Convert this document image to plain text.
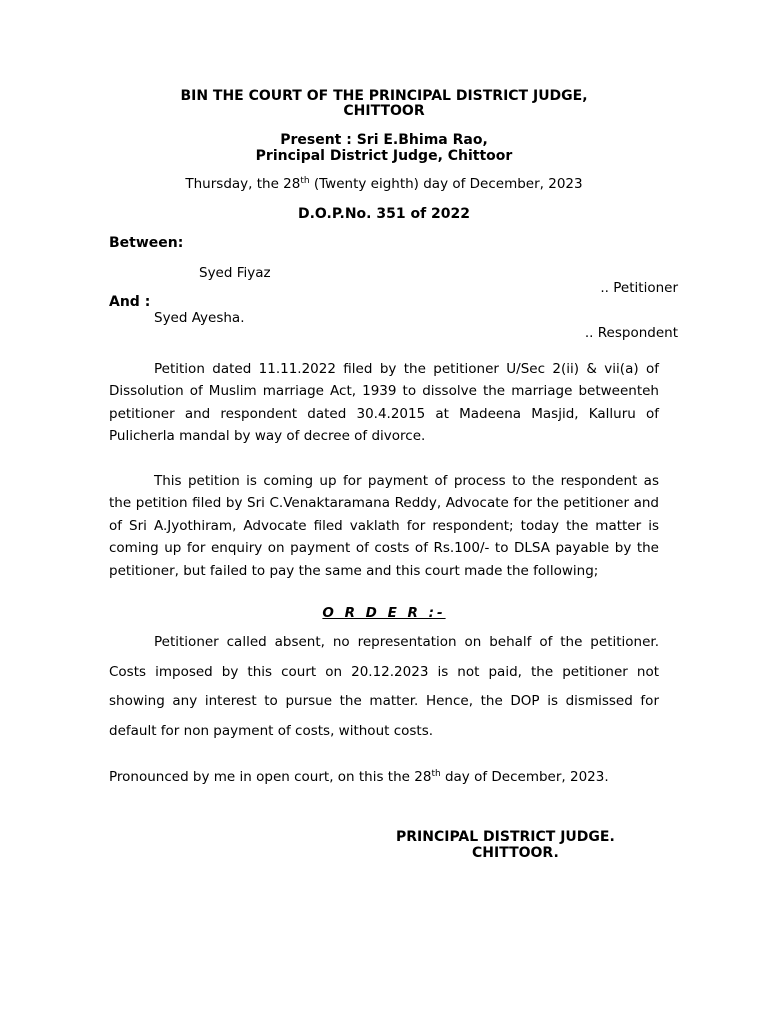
BIN THE COURT OF THE PRINCIPAL DISTRICT JUDGE,
CHITTOOR
Present : Sri E.Bhima Rao,
Principal District Judge, Chittoor
Thursday, the 28th (Twenty eighth) day of December, 2023
D.O.P.No. 351 of 2022
Between:
Syed Fiyaz
.. Petitioner
And :
Syed Ayesha.
.. Respondent
Petition dated 11.11.2022 filed by the petitioner U/Sec 2(ii) & vii(a) of Dissolution of Muslim marriage Act, 1939 to dissolve the marriage betweenteh petitioner and respondent dated 30.4.2015 at Madeena Masjid, Kalluru of Pulicherla mandal by way of decree of divorce.
This petition is coming up for payment of process to the respondent as the petition filed by Sri C.Venaktaramana Reddy, Advocate for the petitioner and of Sri A.Jyothiram, Advocate filed vaklath for respondent; today the matter is coming up for enquiry on payment of costs of Rs.100/- to DLSA payable by the petitioner, but failed to pay the same and this court made the following;
O R D E R :-
Petitioner called absent, no representation on behalf of the petitioner. Costs imposed by this court on 20.12.2023 is not paid, the petitioner not showing any interest to pursue the matter. Hence, the DOP is dismissed for default for non payment of costs, without costs.
Pronounced by me in open court, on this the 28th day of December, 2023.
PRINCIPAL DISTRICT JUDGE.
CHITTOOR.
